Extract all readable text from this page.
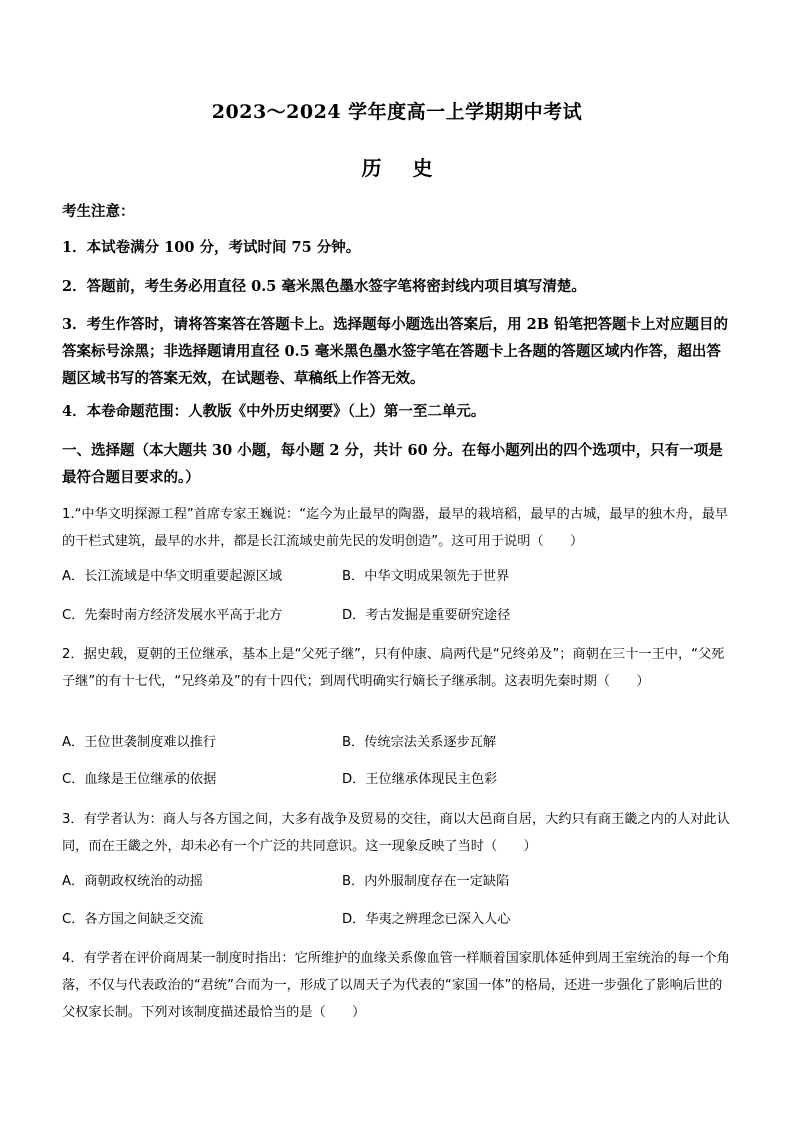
2023～2024 学年度高一上学期期中考试
历 史
考生注意：
1．本试卷满分 100 分，考试时间 75 分钟。
2．答题前，考生务必用直径 0.5 毫米黑色墨水签字笔将密封线内项目填写清楚。
3．考生作答时，请将答案答在答题卡上。选择题每小题选出答案后，用 2B 铅笔把答题卡上对应题目的答案标号涂黑；非选择题请用直径 0.5 毫米黑色墨水签字笔在答题卡上各题的答题区域内作答，超出答题区域书写的答案无效，在试题卷、草稿纸上作答无效。
4．本卷命题范围：人教版《中外历史纲要》（上）第一至二单元。
一、选择题（本大题共 30 小题，每小题 2 分，共计 60 分。在每小题列出的四个选项中，只有一项是最符合题目要求的。）
1.“中华文明探源工程”首席专家王巍说：“迄今为止最早的陶器，最早的栽培稻，最早的古城，最早的独木舟，最早的干栏式建筑，最早的水井，都是长江流域史前先民的发明创造”。这可用于说明（　　）
A．长江流域是中华文明重要起源区域	B．中华文明成果领先于世界
C．先秦时南方经济发展水平高于北方	D．考古发掘是重要研究途径
2．据史载，夏朝的王位继承，基本上是“父死子继”，只有仲康、扃两代是“兄终弟及”；商朝在三十一王中，“父死子继”的有十七代，“兄终弟及”的有十四代；到周代明确实行嫡长子继承制。这表明先秦时期（　　）
A．王位世袭制度难以推行	B．传统宗法关系逐步瓦解
C．血缘是王位继承的依据	D．王位继承体现民主色彩
3．有学者认为：商人与各方国之间，大多有战争及贸易的交往，商以大邑商自居，大约只有商王畿之内的人对此认同，而在王畿之外，却未必有一个广泛的共同意识。这一现象反映了当时（　　）
A．商朝政权统治的动摇	B．内外服制度存在一定缺陷
C．各方国之间缺乏交流	D．华夷之辨理念已深入人心
4．有学者在评价商周某一制度时指出：它所维护的血缘关系像血管一样顺着国家肌体延伸到周王室统治的每一个角落，不仅与代表政治的“君统”合而为一，形成了以周天子为代表的“家国一体”的格局，还进一步强化了影响后世的父权家长制。下列对该制度描述最恰当的是（　　）
